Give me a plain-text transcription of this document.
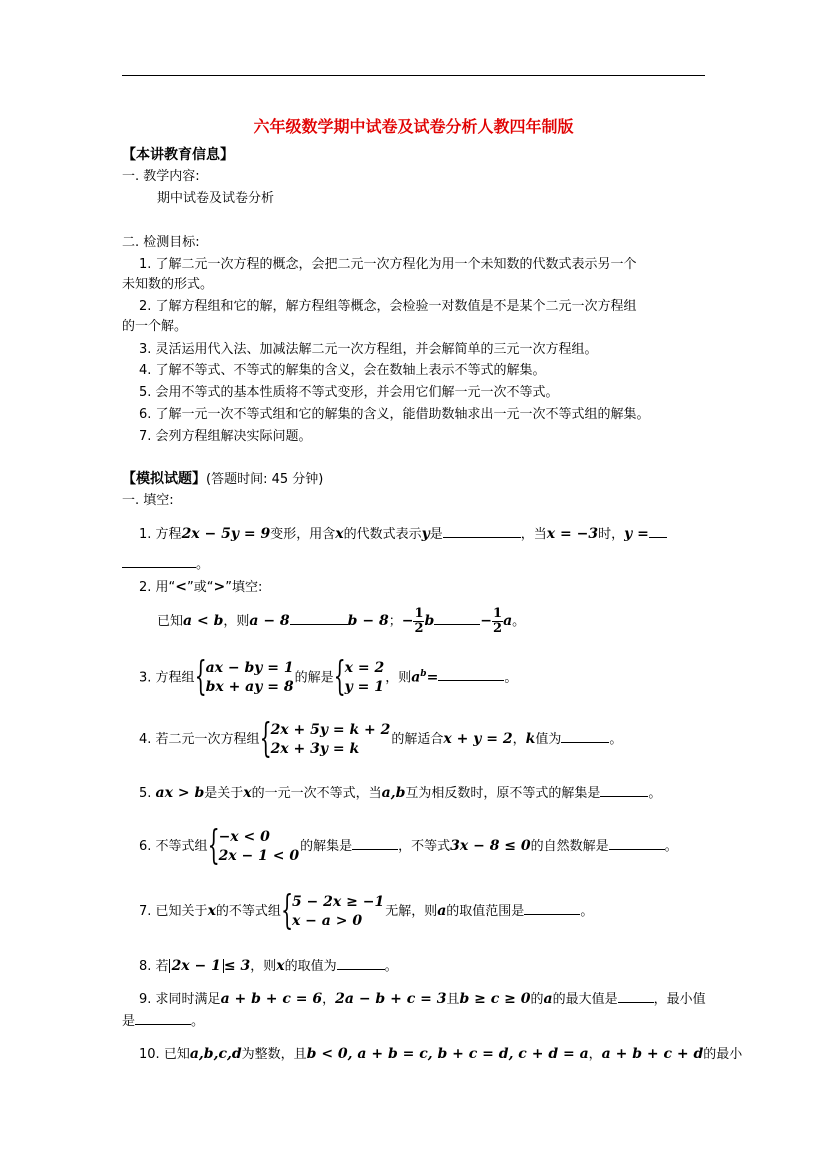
六年级数学期中试卷及试卷分析人教四年制版
【本讲教育信息】
一. 教学内容:
期中试卷及试卷分析
二. 检测目标:
1. 了解二元一次方程的概念，会把二元一次方程化为用一个未知数的代数式表示另一个
未知数的形式。
2. 了解方程组和它的解，解方程组等概念，会检验一对数值是不是某个二元一次方程组
的一个解。
3. 灵活运用代入法、加减法解二元一次方程组，并会解简单的三元一次方程组。
4. 了解不等式、不等式的解集的含义，会在数轴上表示不等式的解集。
5. 会用不等式的基本性质将不等式变形，并会用它们解一元一次不等式。
6. 了解一元一次不等式组和它的解集的含义，能借助数轴求出一元一次不等式组的解集。
7. 会列方程组解决实际问题。
【模拟试题】(答题时间: 45 分钟)
一. 填空:
1. 方程2x − 5y = 9变形，用含x的代数式表示y是	，当x = −3时，y =
。
2. 用“<”或“>”填空:
已知a < b，则a − 8	b − 8；− $\frac{1}{2}$ b	− $\frac{1}{2}$ a。
3. 方程组 {
ax − by = 1
bx + ay = 8
的解是 {
x = 2
y = 1
，则$a^b=$	。
4. 若二元一次方程组 {
2x + 5y = k + 2
2x + 3y = k
的解适合x + y = 2，k值为	。
5. ax > b是关于x的一元一次不等式，当a,b互为相反数时，原不等式的解集是	。
6. 不等式组 {
−x < 0
2x − 1 < 0
的解集是	，不等式3x − 8 ≤ 0的自然数解是	。
7. 已知关于x的不等式组 {
5 − 2x ≥ −1
x − a > 0
无解，则a的取值范围是	。
8. 若 2x − 1 ≤ 3，则x的取值为	。
9. 求同时满足a + b + c = 6，2a − b + c = 3且b ≥ c ≥ 0的a的最大值是	，最小值
是	。
10. 已知a,b,c,d为整数，且b < 0, a + b = c, b + c = d, c + d = a，a + b + c + d的最小
